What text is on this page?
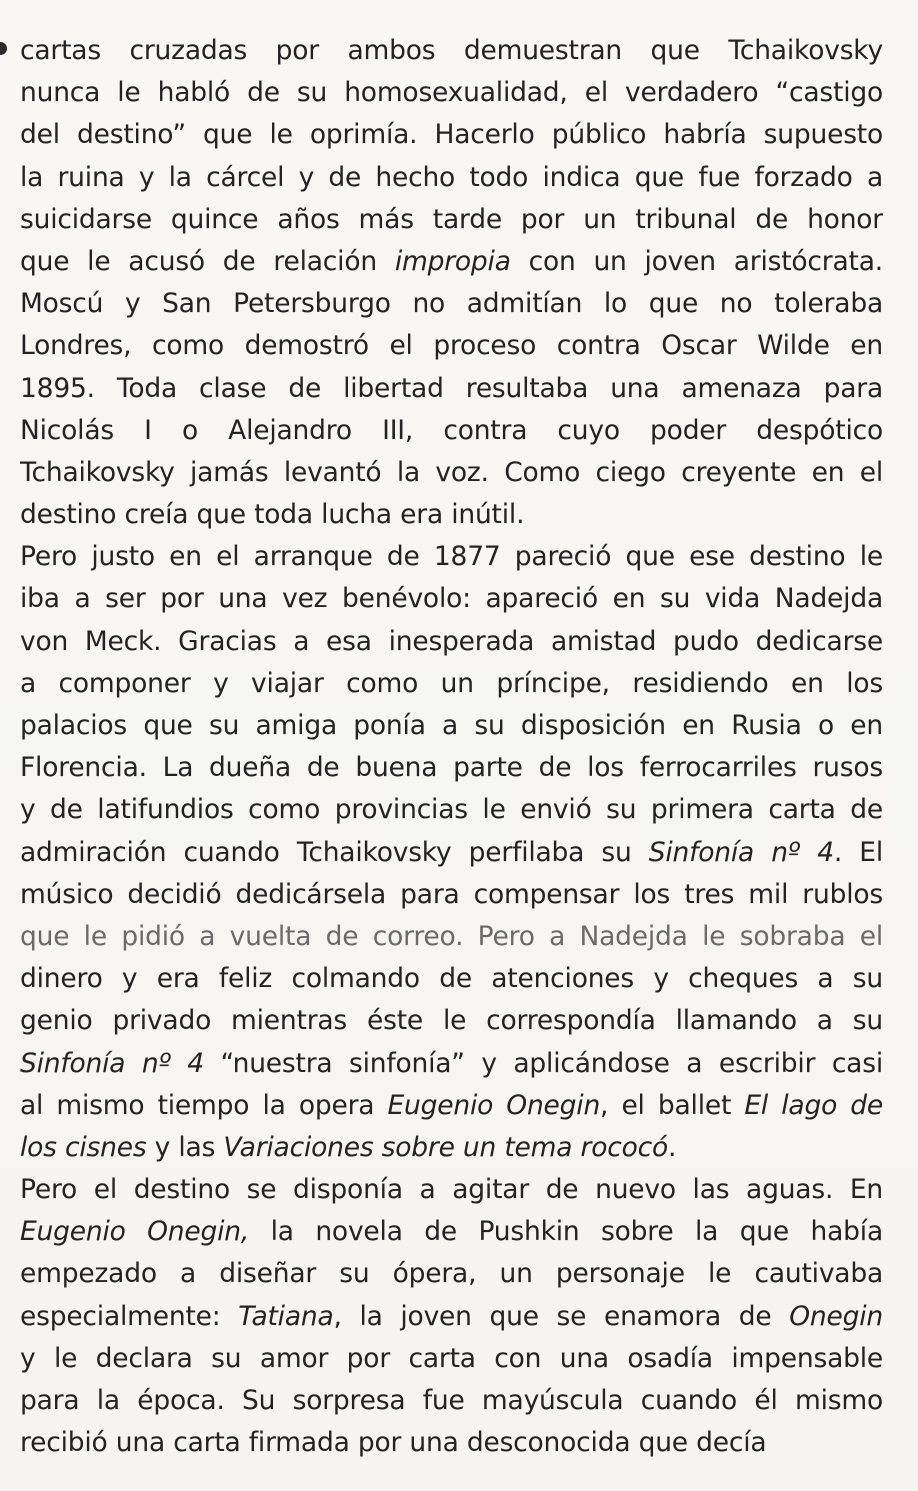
cartas cruzadas por ambos demuestran que Tchaikovsky
nunca le habló de su homosexualidad, el verdadero “castigo
del destino” que le oprimía. Hacerlo público habría supuesto
la ruina y la cárcel y de hecho todo indica que fue forzado a
suicidarse quince años más tarde por un tribunal de honor
que le acusó de relación impropia con un joven aristócrata.
Moscú y San Petersburgo no admitían lo que no toleraba
Londres, como demostró el proceso contra Oscar Wilde en
1895. Toda clase de libertad resultaba una amenaza para
Nicolás I o Alejandro III, contra cuyo poder despótico
Tchaikovsky jamás levantó la voz. Como ciego creyente en el
destino creía que toda lucha era inútil.
Pero justo en el arranque de 1877 pareció que ese destino le
iba a ser por una vez benévolo: apareció en su vida Nadejda
von Meck. Gracias a esa inesperada amistad pudo dedicarse
a componer y viajar como un príncipe, residiendo en los
palacios que su amiga ponía a su disposición en Rusia o en
Florencia. La dueña de buena parte de los ferrocarriles rusos
y de latifundios como provincias le envió su primera carta de
admiración cuando Tchaikovsky perfilaba su Sinfonía nº 4. El
músico decidió dedicársela para compensar los tres mil rublos
que le pidió a vuelta de correo. Pero a Nadejda le sobraba el
dinero y era feliz colmando de atenciones y cheques a su
genio privado mientras éste le correspondía llamando a su
Sinfonía nº 4 “nuestra sinfonía” y aplicándose a escribir casi
al mismo tiempo la opera Eugenio Onegin, el ballet El lago de
los cisnes y las Variaciones sobre un tema rococó.
Pero el destino se disponía a agitar de nuevo las aguas. En
Eugenio Onegin, la novela de Pushkin sobre la que había
empezado a diseñar su ópera, un personaje le cautivaba
especialmente: Tatiana, la joven que se enamora de Onegin
y le declara su amor por carta con una osadía impensable
para la época. Su sorpresa fue mayúscula cuando él mismo
recibió una carta firmada por una desconocida que decía
